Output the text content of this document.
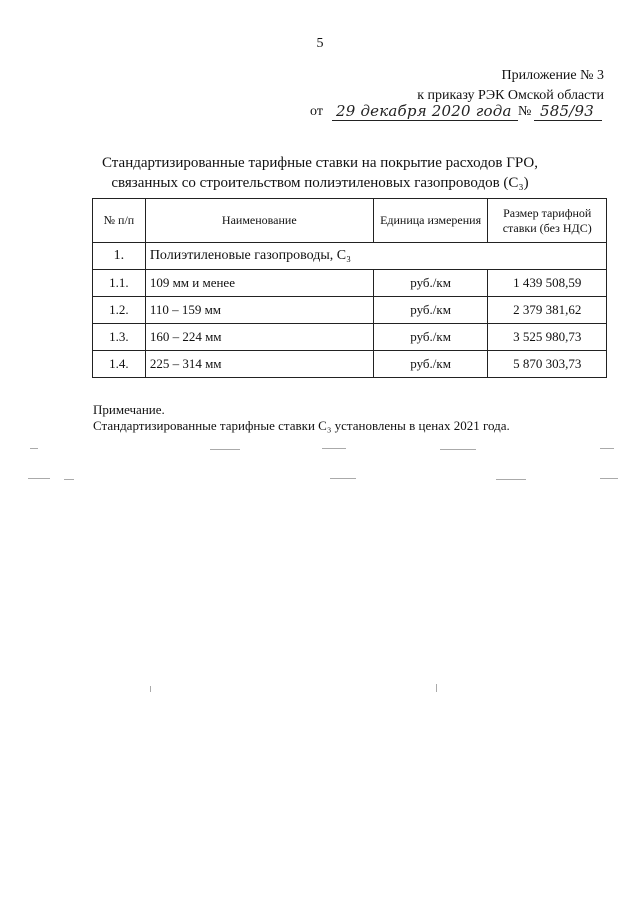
5
Приложение № 3
к приказу РЭК Омской области
от 29 декабря 2020 года № 585/93
Стандартизированные тарифные ставки на покрытие расходов ГРО,
связанных со строительством полиэтиленовых газопроводов (С₃)
№ п/п	Наименование	Единица измерения	Размер тарифной ставки (без НДС)
1.	Полиэтиленовые газопроводы, С₃		
1.1.	109 мм и менее	руб./км	1 439 508,59
1.2.	110 – 159 мм	руб./км	2 379 381,62
1.3.	160 – 224 мм	руб./км	3 525 980,73
1.4.	225 – 314 мм	руб./км	5 870 303,73
Примечание.
Стандартизированные тарифные ставки С₃ установлены в ценах 2021 года.
